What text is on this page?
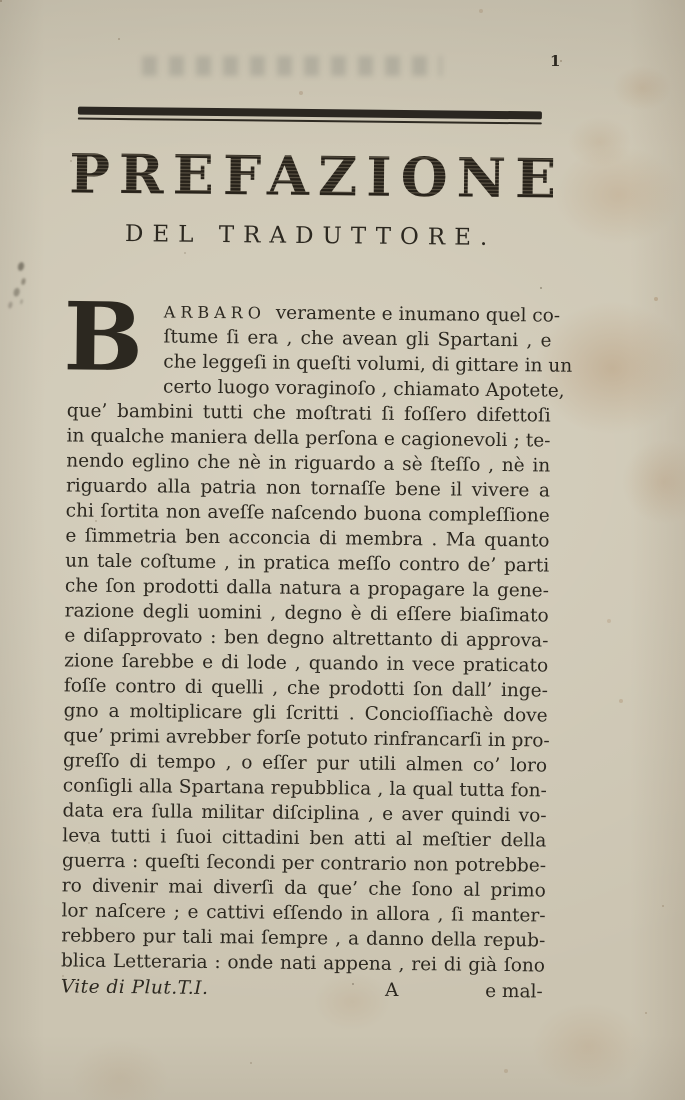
1
PREFAZIONE
DEL TRADUTTORE.
B	ARBARO veramente e inumano quel co-
ſtume ſi era , che avean gli Spartani , e
che leggeſi in queſti volumi, di gittare in un
certo luogo voraginoſo , chiamato Apotete,
que’ bambini tutti che moſtrati ſi foſſero difettoſi
in qualche maniera della perſona e cagionevoli ; te-
nendo eglino che nè in riguardo a sè ſteſſo , nè in
riguardo alla patria non tornaſſe bene il vivere a
chi ſortita non aveſſe naſcendo buona compleſſione
e ſimmetria ben acconcia di membra . Ma quanto
un tale coſtume , in pratica meſſo contro de’ parti
che ſon prodotti dalla natura a propagare la gene-
razione degli uomini , degno è di eſſere biaſimato
e diſapprovato : ben degno altrettanto di approva-
zione ſarebbe e di lode , quando in vece praticato
foſſe contro di quelli , che prodotti ſon dall’ inge-
gno a moltiplicare gli ſcritti . Concioſſiachè dove
que’ primi avrebber forſe potuto rinfrancarſi in pro-
greſſo di tempo , o eſſer pur utili almen co’ loro
conſigli alla Spartana repubblica , la qual tutta fon-
data era ſulla militar diſciplina , e aver quindi vo-
leva tutti i ſuoi cittadini ben atti al meſtier della
guerra : queſti ſecondi per contrario non potrebbe-
ro divenir mai diverſi da que’ che ſono al primo
lor naſcere ; e cattivi eſſendo in allora , ſi manter-
rebbero pur tali mai ſempre , a danno della repub-
blica Letteraria : onde nati appena , rei di già ſono
Vite di Plut.T.I.	A	e mal-
